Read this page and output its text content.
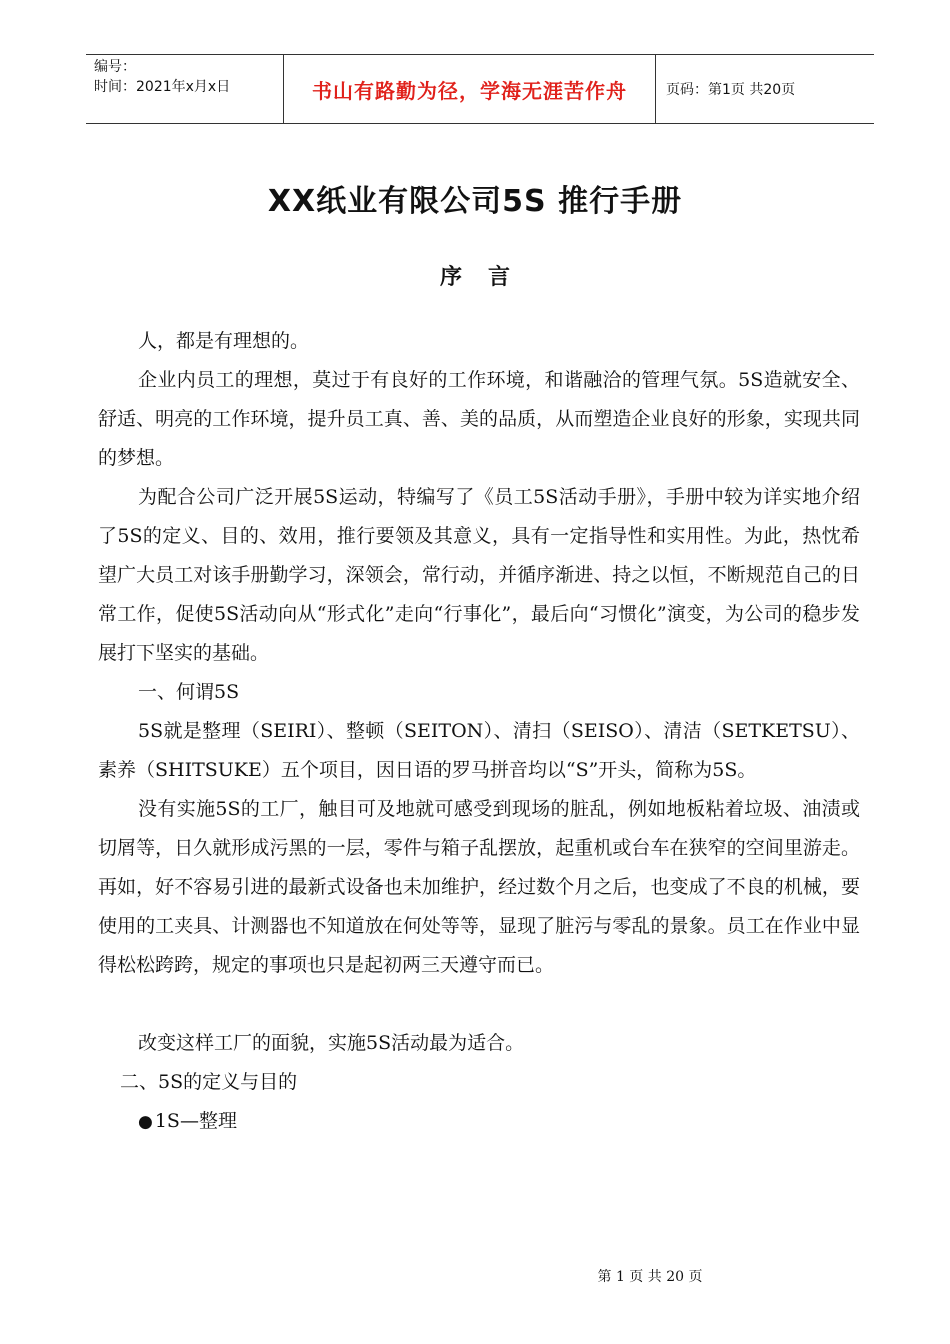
编号：
时间：2021年x月x日	书山有路勤为径，学海无涯苦作舟	页码：第1页 共20页
XX纸业有限公司5S 推行手册
序言

人，都是有理想的。

企业内员工的理想，莫过于有良好的工作环境，和谐融洽的管理气氛。5S造就安全、舒适、明亮的工作环境，提升员工真、善、美的品质，从而塑造企业良好的形象，实现共同的梦想。

为配合公司广泛开展5S运动，特编写了《员工5S活动手册》，手册中较为详实地介绍了5S的定义、目的、效用，推行要领及其意义，具有一定指导性和实用性。为此，热忱希望广大员工对该手册勤学习，深领会，常行动，并循序渐进、持之以恒，不断规范自己的日常工作，促使5S活动向从“形式化”走向“行事化”，最后向“习惯化”演变，为公司的稳步发展打下坚实的基础。

一、何谓5S

5S就是整理（SEIRI）、整顿（SEITON）、清扫（SEISO）、清洁（SETKETSU）、素养（SHITSUKE）五个项目，因日语的罗马拼音均以“S”开头，简称为5S。

没有实施5S的工厂，触目可及地就可感受到现场的脏乱，例如地板粘着垃圾、油渍或切屑等，日久就形成污黑的一层，零件与箱子乱摆放，起重机或台车在狭窄的空间里游走。再如，好不容易引进的最新式设备也未加维护，经过数个月之后，也变成了不良的机械，要使用的工夹具、计测器也不知道放在何处等等，显现了脏污与零乱的景象。员工在作业中显得松松跨跨，规定的事项也只是起初两三天遵守而已。

改变这样工厂的面貌，实施5S活动最为适合。

二、5S的定义与目的

● 1S—整理
第 1 页 共 20 页
